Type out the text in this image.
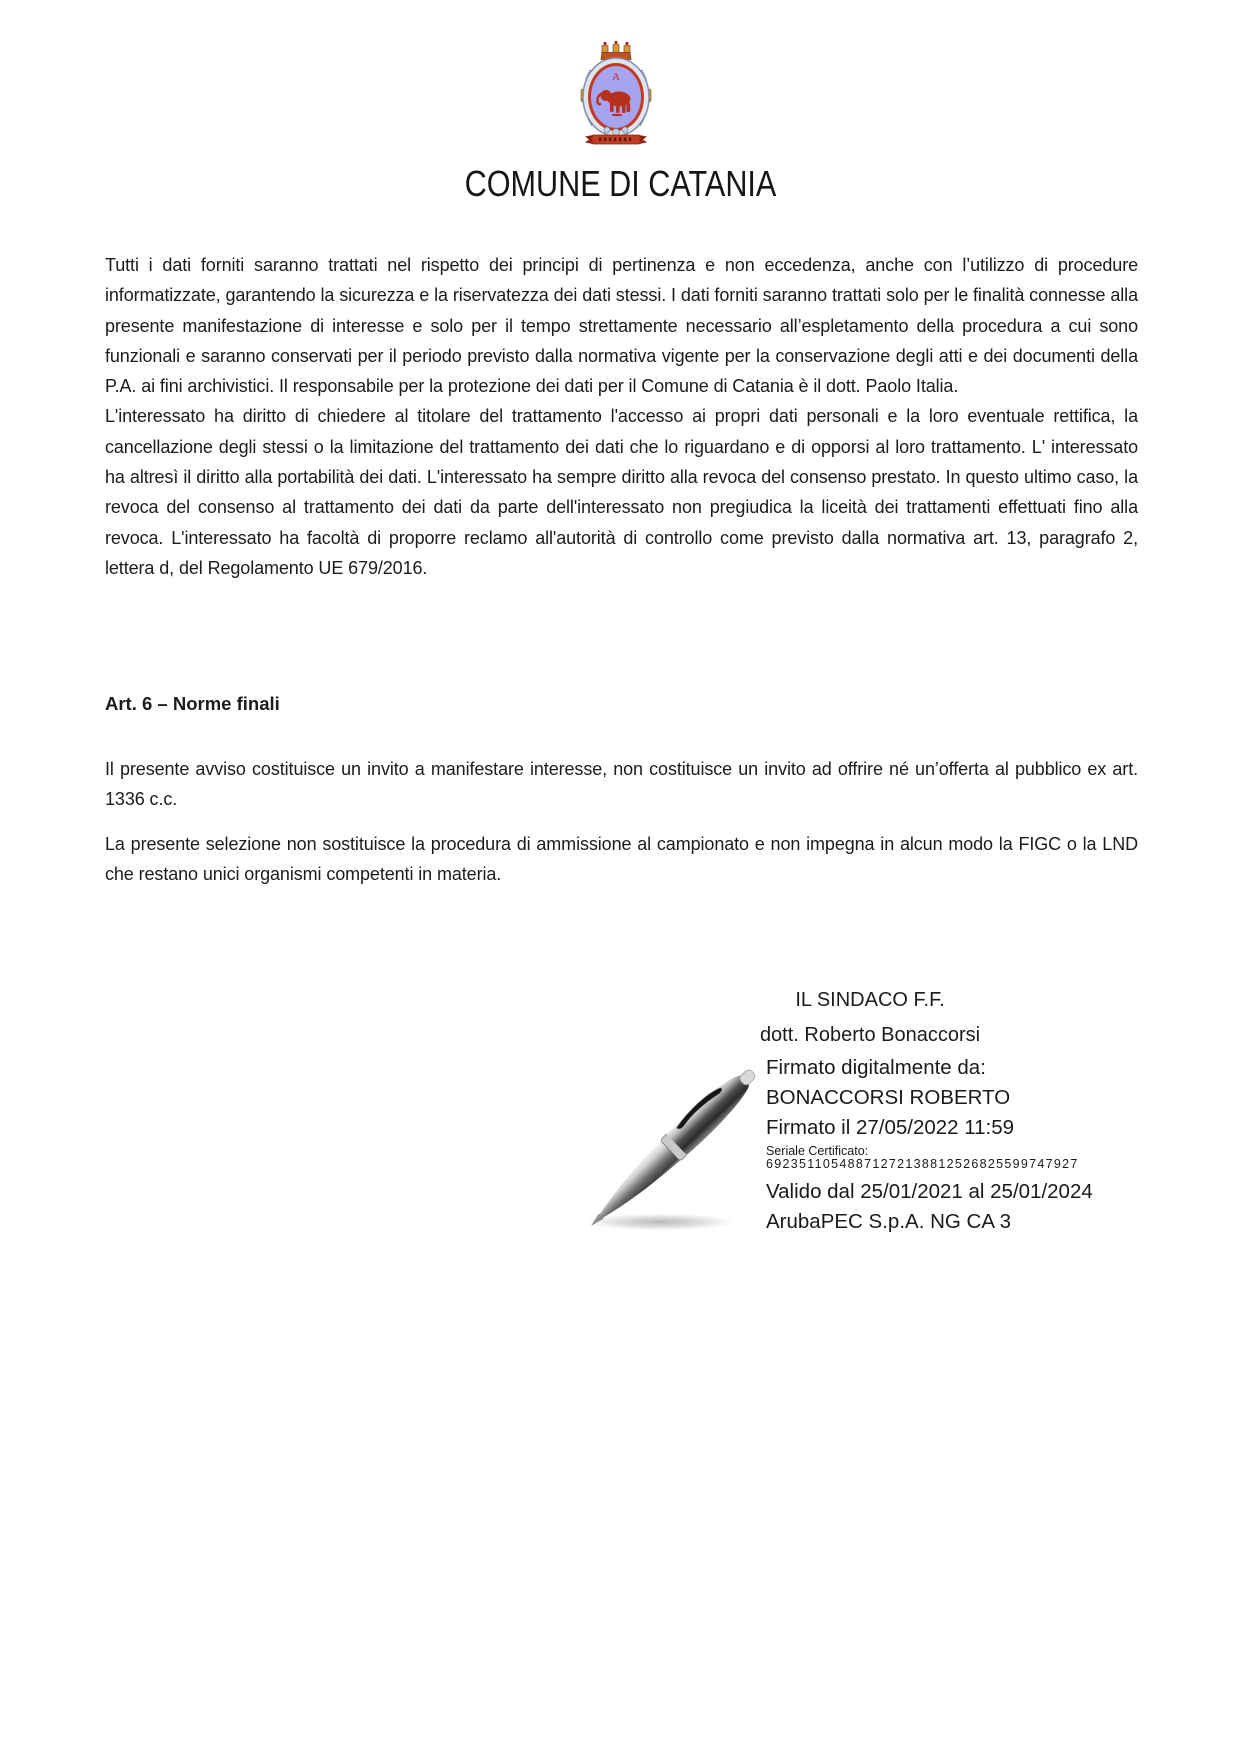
A
COMUNE DI CATANIA

Tutti i dati forniti saranno trattati nel rispetto dei principi di pertinenza e non eccedenza, anche con l’utilizzo di procedure informatizzate, garantendo la sicurezza e la riservatezza dei dati stessi. I dati forniti saranno trattati solo per le finalità connesse alla presente manifestazione di interesse e solo per il tempo strettamente necessario all’espletamento della procedura a cui sono funzionali e saranno conservati per il periodo previsto dalla normativa vigente per la conservazione degli atti e dei documenti della P.A. ai fini archivistici. Il responsabile per la protezione dei dati per il Comune di Catania è il dott. Paolo Italia.

L'interessato ha diritto di chiedere al titolare del trattamento l'accesso ai propri dati personali e la loro eventuale rettifica, la cancellazione degli stessi o la limitazione del trattamento dei dati che lo riguardano e di opporsi al loro trattamento. L' interessato ha altresì il diritto alla portabilità dei dati. L'interessato ha sempre diritto alla revoca del consenso prestato. In questo ultimo caso, la revoca del consenso al trattamento dei dati da parte dell'interessato non pregiudica la liceità dei trattamenti effettuati fino alla revoca. L'interessato ha facoltà di proporre reclamo all'autorità di controllo come previsto dalla normativa art. 13, paragrafo 2, lettera d, del Regolamento UE 679/2016.

Art. 6 – Norme finali

Il presente avviso costituisce un invito a manifestare interesse, non costituisce un invito ad offrire né un’offerta al pubblico ex art. 1336 c.c.

La presente selezione non sostituisce la procedura di ammissione al campionato e non impegna in alcun modo la FIGC o la LND che restano unici organismi competenti in materia.

IL SINDACO F.F.
dott. Roberto Bonaccorsi
Firmato digitalmente da:
BONACCORSI ROBERTO
Firmato il 27/05/2022 11:59
Seriale Certificato:
69235110548871272138812526825599747927
Valido dal 25/01/2021 al 25/01/2024
ArubaPEC S.p.A. NG CA 3
